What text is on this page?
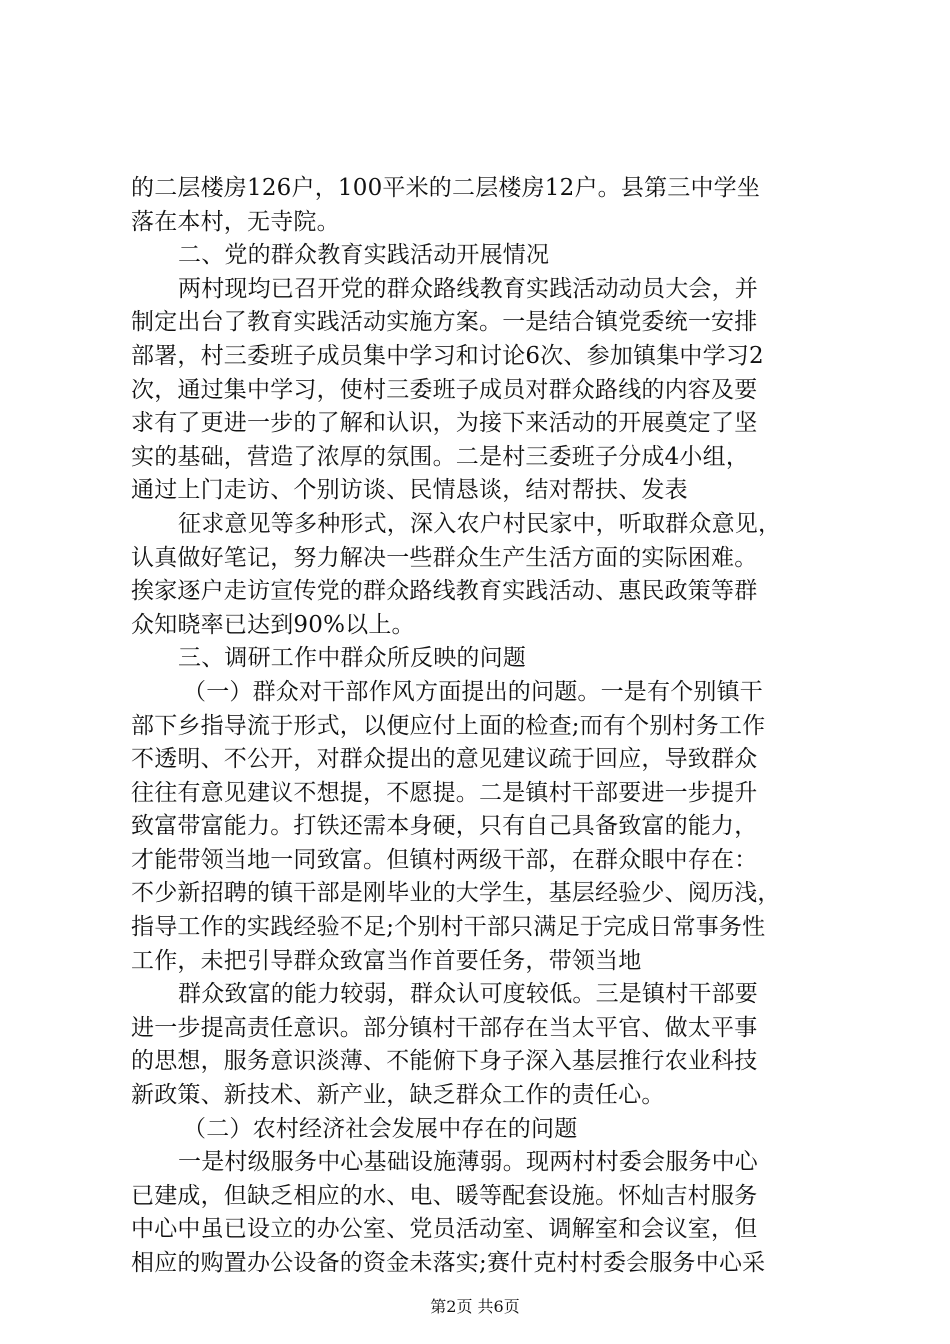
的二层楼房126户，100平米的二层楼房12户。县第三中学坐
落在本村，无寺院。
二、党的群众教育实践活动开展情况
两村现均已召开党的群众路线教育实践活动动员大会，并
制定出台了教育实践活动实施方案。一是结合镇党委统一安排
部署，村三委班子成员集中学习和讨论6次、参加镇集中学习2
次，通过集中学习，使村三委班子成员对群众路线的内容及要
求有了更进一步的了解和认识，为接下来活动的开展奠定了坚
实的基础，营造了浓厚的氛围。二是村三委班子分成4小组，
通过上门走访、个别访谈、民情恳谈，结对帮扶、发表
征求意见等多种形式，深入农户村民家中，听取群众意见，
认真做好笔记，努力解决一些群众生产生活方面的实际困难。
挨家逐户走访宣传党的群众路线教育实践活动、惠民政策等群
众知晓率已达到90%以上。
三、调研工作中群众所反映的问题
（一）群众对干部作风方面提出的问题。一是有个别镇干
部下乡指导流于形式，以便应付上面的检查;而有个别村务工作
不透明、不公开，对群众提出的意见建议疏于回应，导致群众
往往有意见建议不想提，不愿提。二是镇村干部要进一步提升
致富带富能力。打铁还需本身硬，只有自己具备致富的能力，
才能带领当地一同致富。但镇村两级干部，在群众眼中存在：
不少新招聘的镇干部是刚毕业的大学生，基层经验少、阅历浅，
指导工作的实践经验不足;个别村干部只满足于完成日常事务性
工作，未把引导群众致富当作首要任务，带领当地
群众致富的能力较弱，群众认可度较低。三是镇村干部要
进一步提高责任意识。部分镇村干部存在当太平官、做太平事
的思想，服务意识淡薄、不能俯下身子深入基层推行农业科技
新政策、新技术、新产业，缺乏群众工作的责任心。
（二）农村经济社会发展中存在的问题
一是村级服务中心基础设施薄弱。现两村村委会服务中心
已建成，但缺乏相应的水、电、暖等配套设施。怀灿吉村服务
中心中虽已设立的办公室、党员活动室、调解室和会议室，但
相应的购置办公设备的资金未落实;赛什克村村委会服务中心采
第2页 共6页
